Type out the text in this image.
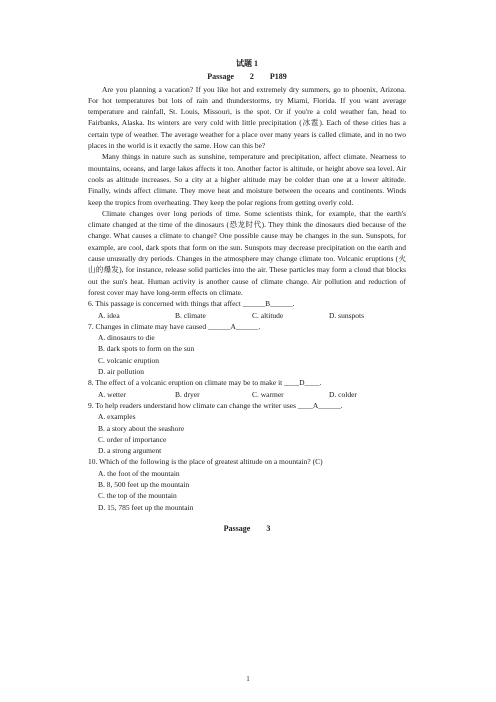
试题 1
Passage 2 P189

Are you planning a vacation? If you like hot and extremely dry summers, go to phoenix, Arizona. For hot temperatures but lots of rain and thunderstorms, try Miami, Florida. If you want average temperature and rainfall, St. Louis, Missouri, is the spot. Or if you're a cold weather fan, head to Fairbanks, Alaska. Its winters are very cold with little precipitation (冰雹). Each of these cities has a certain type of weather. The average weather for a place over many years is called climate, and in no two places in the world is it exactly the same. How can this be?

Many things in nature such as sunshine, temperature and precipitation, affect climate. Nearness to mountains, oceans, and large lakes affects it too. Another factor is altitude, or height above sea level. Air cools as altitude increases. So a city at a higher altitude may be colder than one at a lower altitude. Finally, winds affect climate. They move heat and moisture between the oceans and continents. Winds keep the tropics from overheating. They keep the polar regions from getting overly cold.

Climate changes over long periods of time. Some scientists think, for example, that the earth's climate changed at the time of the dinosaurs (恐龙时代). They think the dinosaurs died because of the change. What causes a climate to change? One possible cause may be changes in the sun. Sunspots, for example, are cool, dark spots that form on the sun. Sunspots may decrease precipitation on the earth and cause unusually dry periods. Changes in the atmosphere may change climate too. Volcanic eruptions (火山的爆发), for instance, release solid particles into the air. These particles may form a cloud that blocks out the sun's heat. Human activity is another cause of climate change. Air pollution and reduction of forest cover may have long-term effects on climate.

6. This passage is concerned with things that affect ______B______.

A. idea	B. climate	C. altitude	D. sunspots

7. Changes in climate may have caused ______A______.

A. dinosaurs to die

B. dark spots to form on the sun

C. volcanic eruption

D. air pollution

8. The effect of a volcanic eruption on climate may be to make it ____D____.

A. wetter	B. dryer	C. warmer	D. colder

9. To help readers understand how climate can change the writer uses ____A______.

A. examples

B. a story about the seashore

C. order of importance

D. a strong argument

10. Which of the following is the place of greatest altitude on a mountain? (C)

A. the foot of the mountain

B. 8, 500 feet up the mountain

C. the top of the mountain

D. 15, 785 feet up the mountain

Passage 3
1
